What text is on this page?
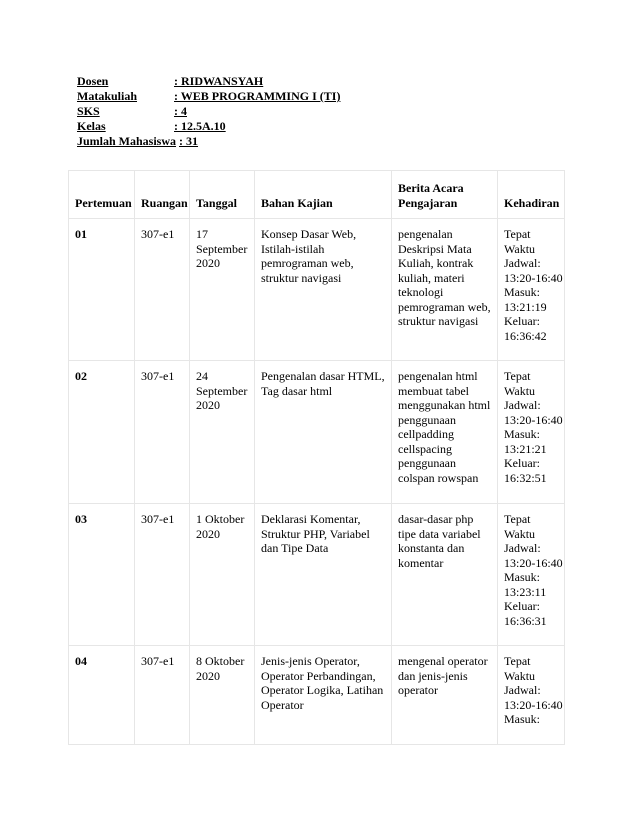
Dosen	: RIDWANSYAH
Matakuliah	: WEB PROGRAMMING I (TI)
SKS	: 4
Kelas	: 12.5A.10
Jumlah Mahasiswa : 31
Pertemuan	Ruangan	Tanggal	Bahan Kajian	Berita Acara Pengajaran	Kehadiran
01	307-e1	17 September 2020	Konsep Dasar Web, Istilah-istilah pemrograman web, struktur navigasi	pengenalan Deskripsi Mata Kuliah, kontrak kuliah, materi teknologi pemrograman web, struktur navigasi	Tepat Waktu Jadwal: 13:20-16:40 Masuk: 13:21:19 Keluar: 16:36:42
02	307-e1	24 September 2020	Pengenalan dasar HTML, Tag dasar html	pengenalan html membuat tabel menggunakan html penggunaan cellpadding cellspacing penggunaan colspan rowspan	Tepat Waktu Jadwal: 13:20-16:40 Masuk: 13:21:21 Keluar: 16:32:51
03	307-e1	1 Oktober 2020	Deklarasi Komentar, Struktur PHP, Variabel dan Tipe Data	dasar-dasar php tipe data variabel konstanta dan komentar	Tepat Waktu Jadwal: 13:20-16:40 Masuk: 13:23:11 Keluar: 16:36:31
04	307-e1	8 Oktober 2020	Jenis-jenis Operator, Operator Perbandingan, Operator Logika, Latihan Operator	mengenal operator dan jenis-jenis operator	Tepat Waktu Jadwal: 13:20-16:40 Masuk:
